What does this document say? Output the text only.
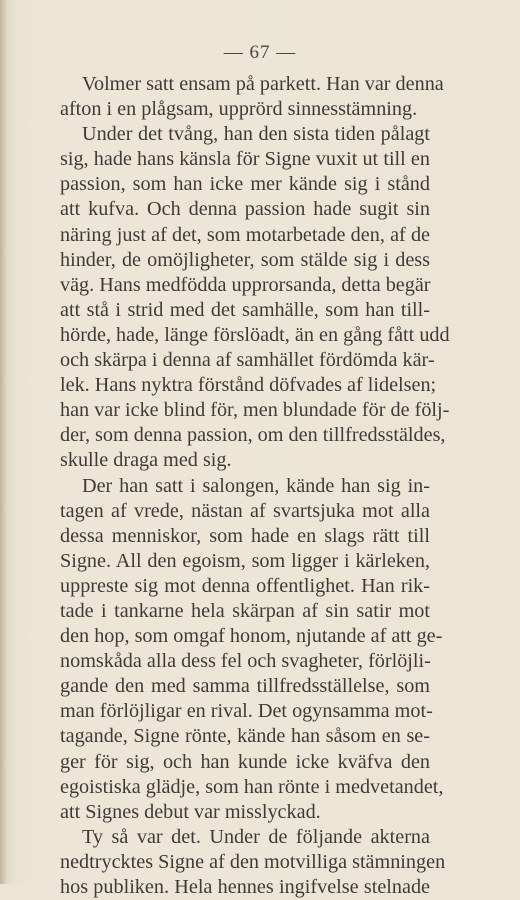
— 67 —
Volmer satt ensam på parkett. Han var denna
afton i en plågsam, upprörd sinnesstämning.
Under det tvång, han den sista tiden pålagt
sig, hade hans känsla för Signe vuxit ut till en
passion, som han icke mer kände sig i stånd
att kufva. Och denna passion hade sugit sin
näring just af det, som motarbetade den, af de
hinder, de omöjligheter, som stälde sig i dess
väg. Hans medfödda upprorsanda, detta begär
att stå i strid med det samhälle, som han till-
hörde, hade, länge förslöadt, än en gång fått udd
och skärpa i denna af samhället fördömda kär-
lek. Hans nyktra förstånd döfvades af lidelsen;
han var icke blind för, men blundade för de följ-
der, som denna passion, om den tillfredsstäldes,
skulle draga med sig.
Der han satt i salongen, kände han sig in-
tagen af vrede, nästan af svartsjuka mot alla
dessa menniskor, som hade en slags rätt till
Signe. All den egoism, som ligger i kärleken,
uppreste sig mot denna offentlighet. Han rik-
tade i tankarne hela skärpan af sin satir mot
den hop, som omgaf honom, njutande af att ge-
nomskåda alla dess fel och svagheter, förlöjli-
gande den med samma tillfredsställelse, som
man förlöjligar en rival. Det ogynsamma mot-
tagande, Signe rönte, kände han såsom en se-
ger för sig, och han kunde icke kväfva den
egoistiska glädje, som han rönte i medvetandet,
att Signes debut var misslyckad.
Ty så var det. Under de följande akterna
nedtrycktes Signe af den motvilliga stämningen
hos publiken. Hela hennes ingifvelse stelnade
